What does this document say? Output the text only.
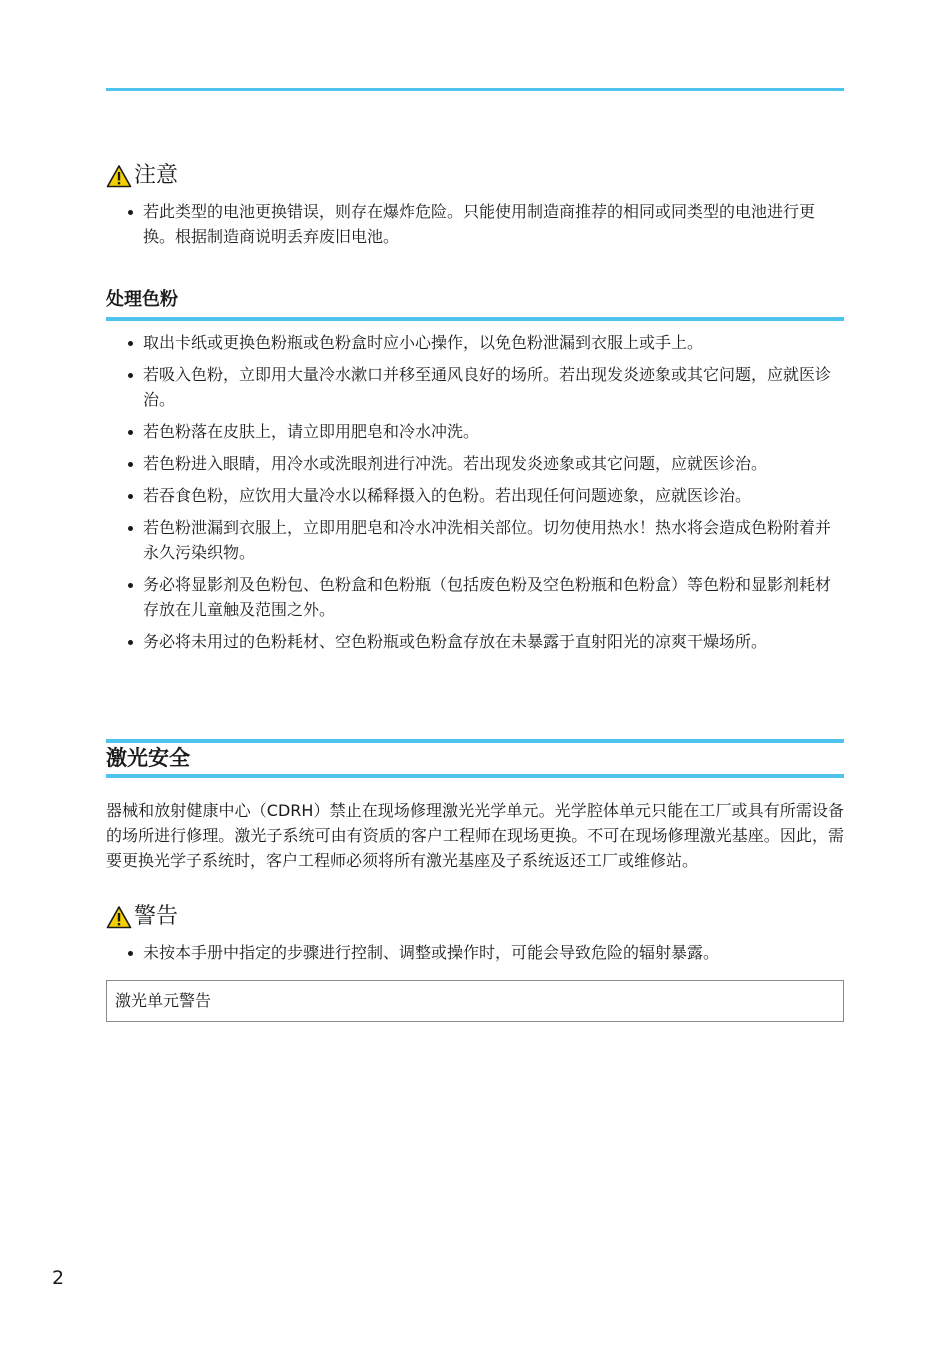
注意
若此类型的电池更换错误，则存在爆炸危险。只能使用制造商推荐的相同或同类型的电池进行更换。根据制造商说明丢弃废旧电池。
处理色粉
取出卡纸或更换色粉瓶或色粉盒时应小心操作，以免色粉泄漏到衣服上或手上。
若吸入色粉，立即用大量冷水漱口并移至通风良好的场所。若出现发炎迹象或其它问题，应就医诊治。
若色粉落在皮肤上，请立即用肥皂和冷水冲洗。
若色粉进入眼睛，用冷水或洗眼剂进行冲洗。若出现发炎迹象或其它问题，应就医诊治。
若吞食色粉，应饮用大量冷水以稀释摄入的色粉。若出现任何问题迹象，应就医诊治。
若色粉泄漏到衣服上，立即用肥皂和冷水冲洗相关部位。切勿使用热水！热水将会造成色粉附着并永久污染织物。
务必将显影剂及色粉包、色粉盒和色粉瓶（包括废色粉及空色粉瓶和色粉盒）等色粉和显影剂耗材存放在儿童触及范围之外。
务必将未用过的色粉耗材、空色粉瓶或色粉盒存放在未暴露于直射阳光的凉爽干燥场所。
激光安全

器械和放射健康中心（CDRH）禁止在现场修理激光光学单元。光学腔体单元只能在工厂或具有所需设备的场所进行修理。激光子系统可由有资质的客户工程师在现场更换。不可在现场修理激光基座。因此，需要更换光学子系统时，客户工程师必须将所有激光基座及子系统返还工厂或维修站。

警告
未按本手册中指定的步骤进行控制、调整或操作时，可能会导致危险的辐射暴露。
激光单元警告
2
